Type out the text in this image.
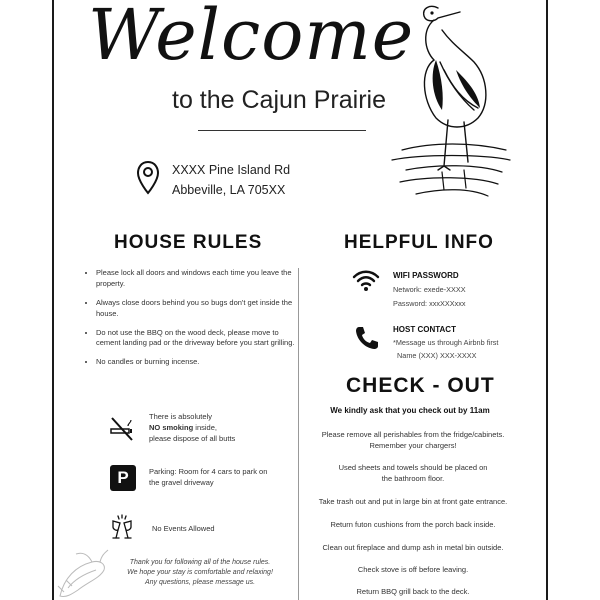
Welcome
to the Cajun Prairie
XXXX Pine Island Rd
Abbeville, LA 705XX
HOUSE RULES	HELPFUL INFO
• Please lock all doors and windows each time you leave the property.
• Always close doors behind you so bugs don't get inside the house.
• Do not use the BBQ on the wood deck, please move to cement landing pad or the driveway before you start grilling.
• No candles or burning incense.
There is absolutely
NO smoking inside,
please dispose of all butts
P	Parking: Room for 4 cars to park on
the gravel driveway
No Events Allowed
Thank you for following all of the house rules.
We hope your stay is comfortable and relaxing!
Any questions, please message us.
WIFI PASSWORD
Network: exede-XXXX
Password: xxxXXXxxx
HOST CONTACT
*Message us through Airbnb first
Name (XXX) XXX-XXXX
CHECK - OUT
We kindly ask that you check out by 11am
Please remove all perishables from the fridge/cabinets.
Remember your chargers!
Used sheets and towels should be placed on
the bathroom floor.
Take trash out and put in large bin at front gate entrance.
Return futon cushions from the porch back inside.
Clean out fireplace and dump ash in metal bin outside.
Check stove is off before leaving.
Return BBQ grill back to the deck.
